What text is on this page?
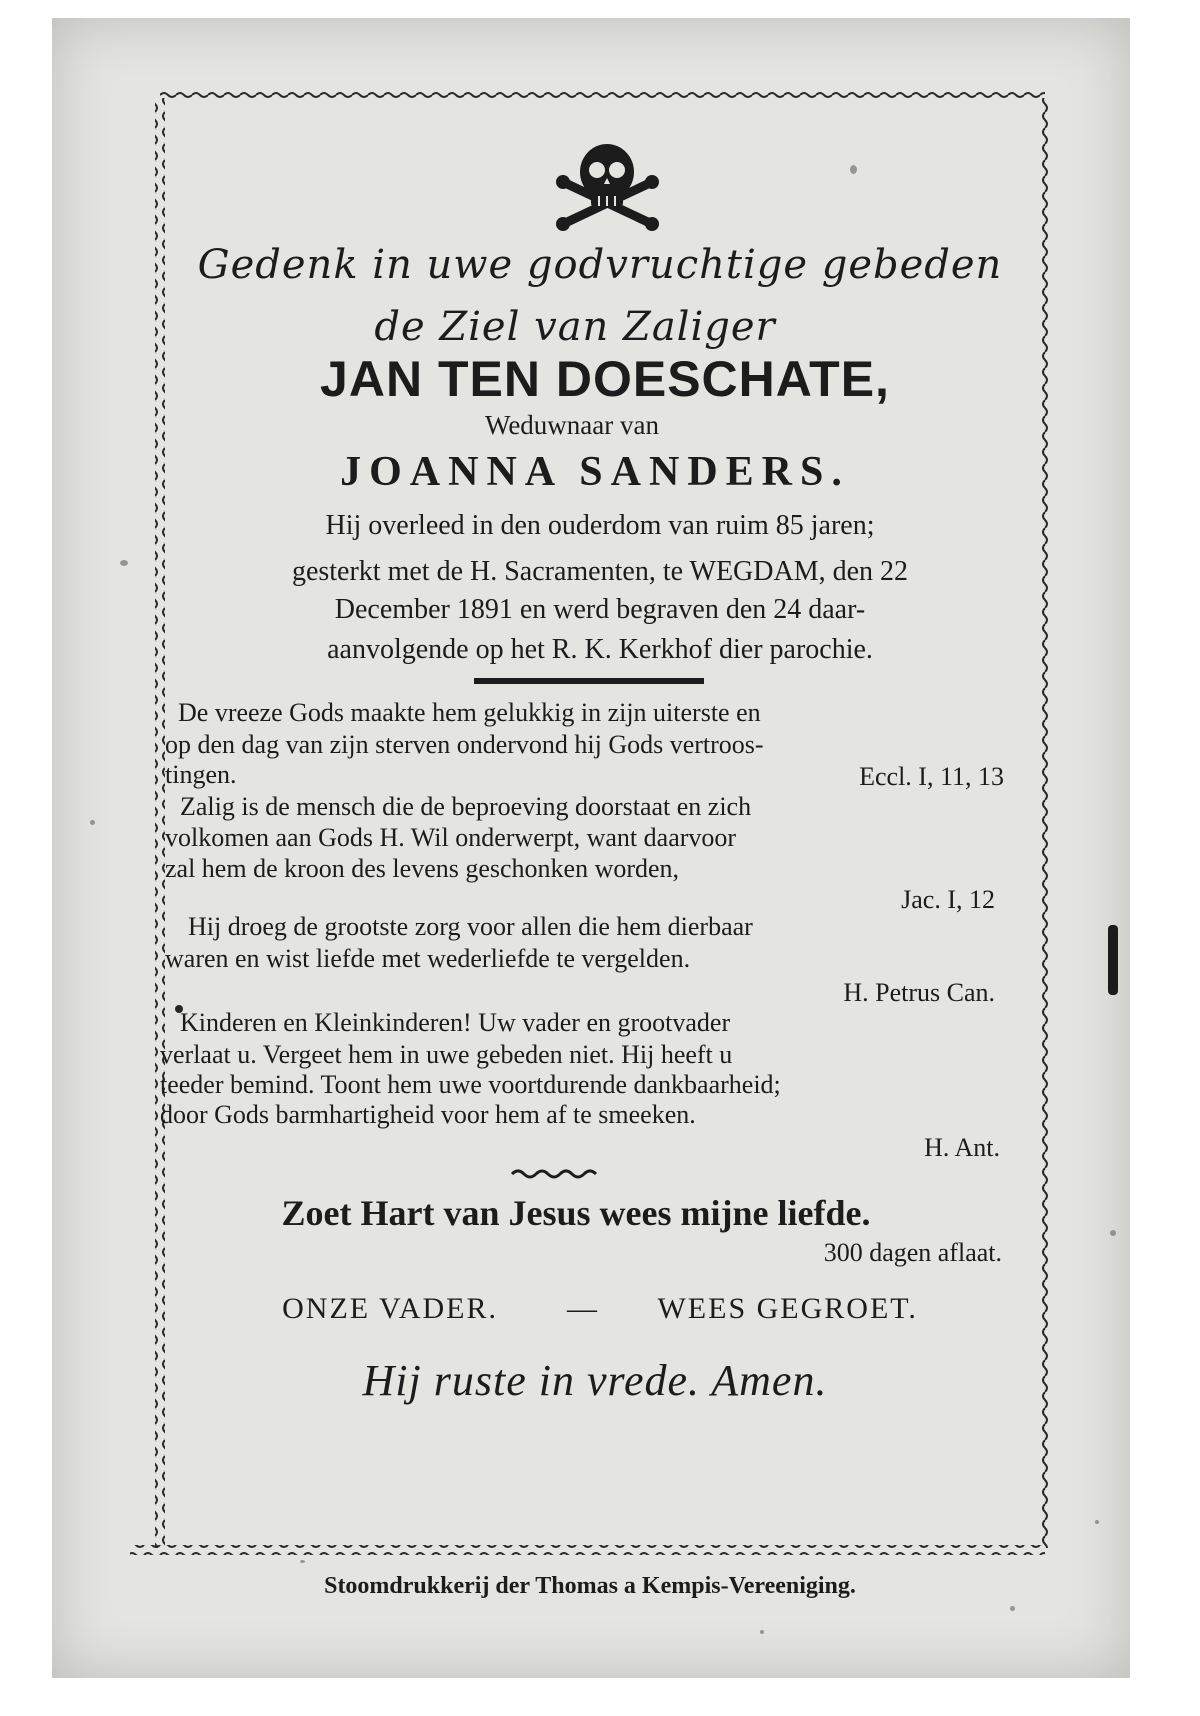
Gedenk in uwe godvruchtige gebeden
de Ziel van Zaliger
JAN TEN DOESCHATE,
Weduwnaar van
JOANNA SANDERS.
Hij overleed in den ouderdom van ruim 85 jaren;
gesterkt met de H. Sacramenten, te WEGDAM, den 22
December 1891 en werd begraven den 24 daar-
aanvolgende op het R. K. Kerkhof dier parochie.
De vreeze Gods maakte hem gelukkig in zijn uiterste en
op den dag van zijn sterven ondervond hij Gods vertroos-
tingen.	Eccl. I, 11, 13
Zalig is de mensch die de beproeving doorstaat en zich
volkomen aan Gods H. Wil onderwerpt, want daarvoor
zal hem de kroon des levens geschonken worden,
Jac. I, 12
Hij droeg de grootste zorg voor allen die hem dierbaar
waren en wist liefde met wederliefde te vergelden.
H. Petrus Can.
Kinderen en Kleinkinderen! Uw vader en grootvader
verlaat u. Vergeet hem in uwe gebeden niet. Hij heeft u
teeder bemind. Toont hem uwe voortdurende dankbaarheid;
door Gods barmhartigheid voor hem af te smeeken.
H. Ant.
Zoet Hart van Jesus wees mijne liefde.
300 dagen aflaat.
ONZE VADER. — WEES GEGROET.
Hij ruste in vrede. Amen.
Stoomdrukkerij der Thomas a Kempis-Vereeniging.
